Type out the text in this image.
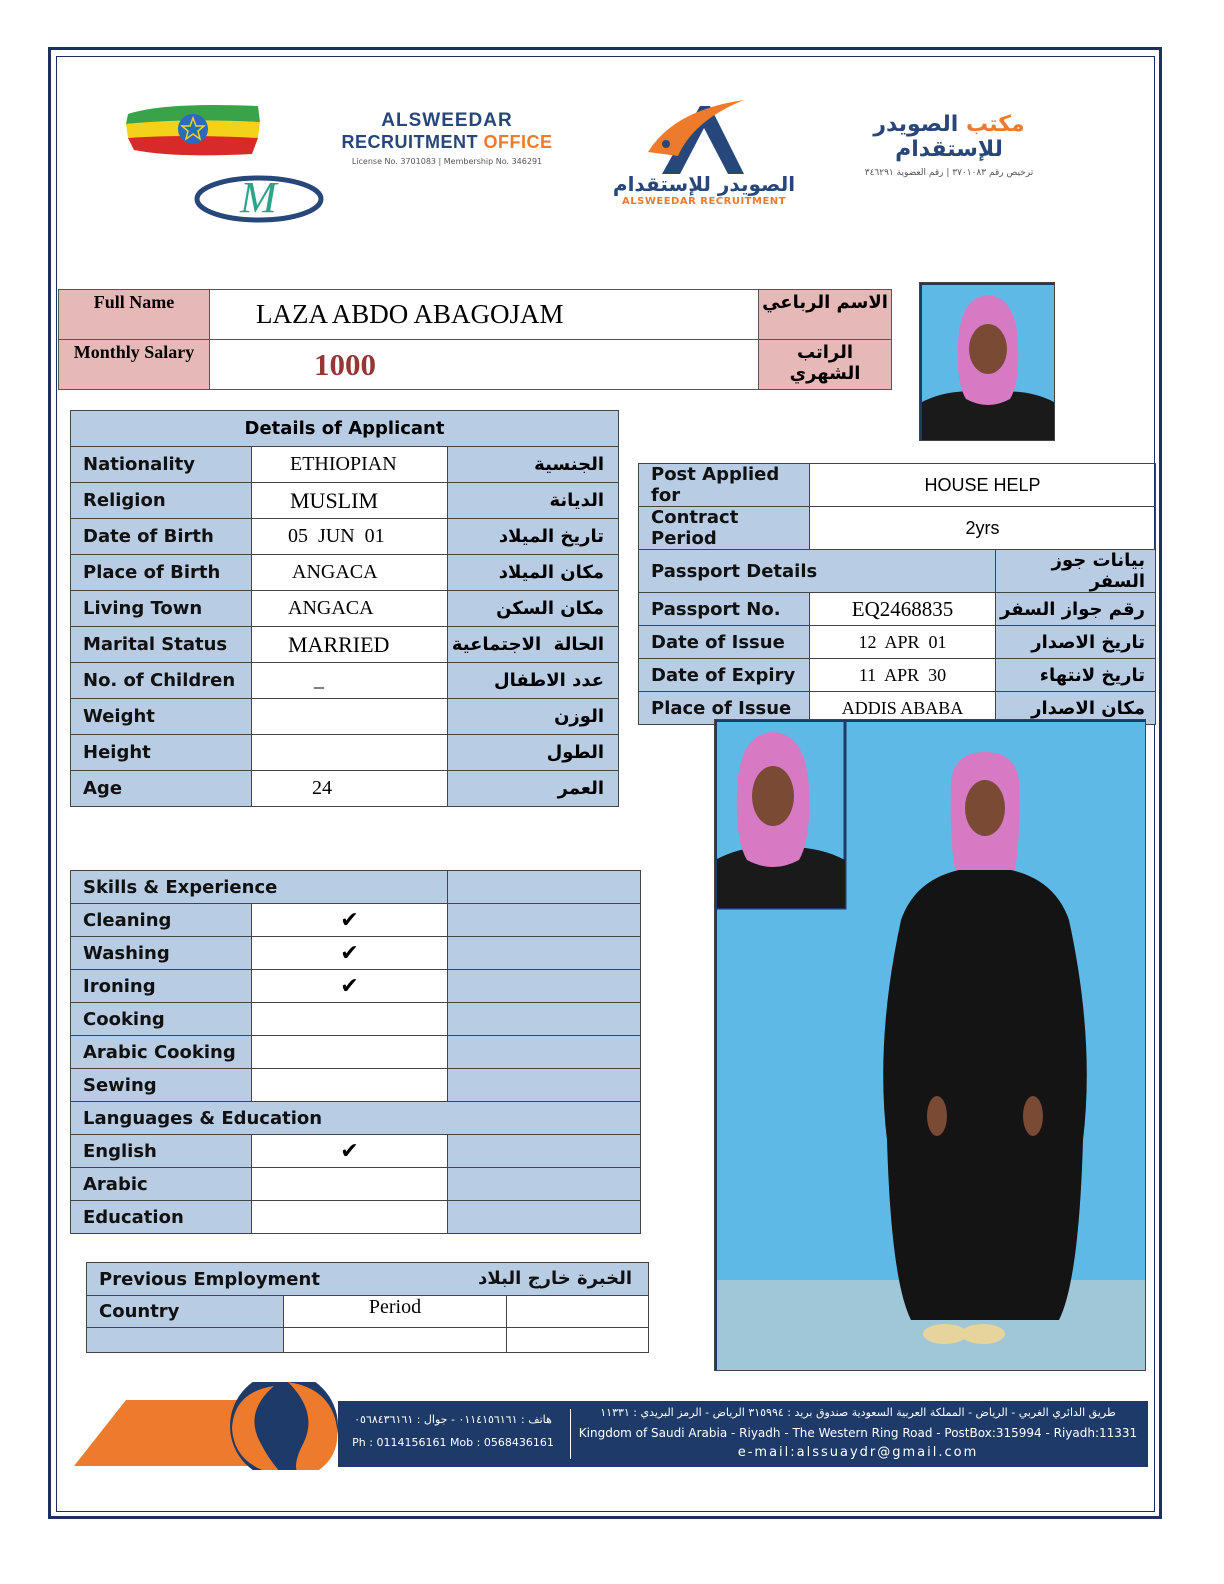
M
ALSWEEDAR
RECRUITMENT OFFICE
License No. 3701083 | Membership No. 346291
الصويدر للإستقدام
ALSWEEDAR RECRUITMENT
مكتب الصويدر للإستقدام
ترخيص رقم ٣٧٠١٠٨٣ | رقم العضوية ٣٤٦٢٩١
Full Name	LAZA ABDO ABAGOJAM	الاسم الرباعي
Monthly Salary	1000	الراتب الشهري
Details of Applicant		
Nationality	ETHIOPIAN	الجنسية
Religion	MUSLIM	الديانة
Date of Birth	05  JUN  01	تاريخ الميلاد
Place of Birth	ANGACA	مكان الميلاد
Living Town	ANGACA	مكان السكن
Marital Status	MARRIED	الحالة  الاجتماعية
No. of Children	_	عدد الاطفال
Weight		الوزن
Height		الطول
Age	24	العمر
Post Applied for	HOUSE HELP	
Contract Period	2yrs	
Passport Details		بيانات جوز السفر
Passport No.	EQ2468835	رقم جواز السفر
Date of Issue	12  APR  01	تاريخ الاصدار
Date of Expiry	11  APR  30	تاريخ لانتهاء
Place of Issue	ADDIS ABABA	مكان الاصدار
Skills & Experience		
Cleaning	✔	
Washing	✔	
Ironing	✔	
Cooking		
Arabic Cooking		
Sewing		
Languages & Education		
English	✔	
Arabic		
Education		
Previous Employment الخبرة خارج البلاد		

Country	Period	

هاتف : ٠١١٤١٥٦١٦١ - جوال : ٠٥٦٨٤٣٦١٦١
Ph : 0114156161 Mob : 0568436161
طريق الدائري الغربي - الرياض - المملكة العربية السعودية صندوق بريد : ٣١٥٩٩٤ الرياض - الرمز البريدي : ١١٣٣١
Kingdom of Saudi Arabia - Riyadh - The Western Ring Road - PostBox:315994 - Riyadh:11331
e-mail:alssuaydr@gmail.com
